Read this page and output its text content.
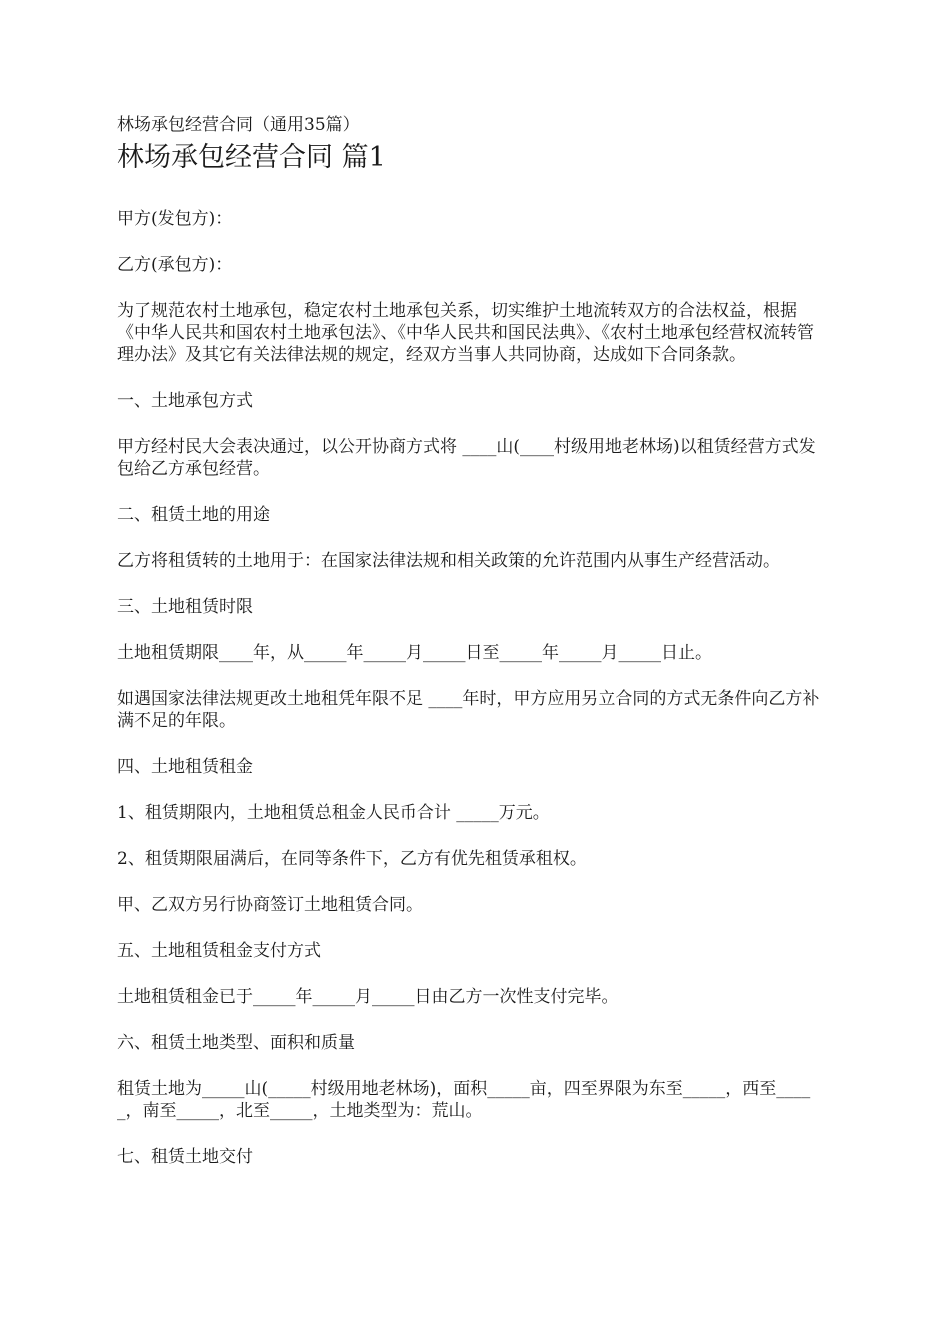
林场承包经营合同（通用35篇）

林场承包经营合同 篇1

甲方(发包方)：

乙方(承包方)：

为了规范农村土地承包，稳定农村土地承包关系，切实维护土地流转双方的合法权益，根据《中华人民共和国农村土地承包法》、《中华人民共和国民法典》、《农村土地承包经营权流转管理办法》及其它有关法律法规的规定，经双方当事人共同协商，达成如下合同条款。

一、土地承包方式

甲方经村民大会表决通过，以公开协商方式将 ____山(____村级用地老林场)以租赁经营方式发包给乙方承包经营。

二、租赁土地的用途

乙方将租赁转的土地用于：在国家法律法规和相关政策的允许范围内从事生产经营活动。

三、土地租赁时限

土地租赁期限____年，从_____年_____月_____日至_____年_____月_____日止。

如遇国家法律法规更改土地租凭年限不足 ____年时，甲方应用另立合同的方式无条件向乙方补满不足的年限。

四、土地租赁租金

1、租赁期限内，土地租赁总租金人民币合计 _____万元。

2、租赁期限届满后，在同等条件下，乙方有优先租赁承租权。

甲、乙双方另行协商签订土地租赁合同。

五、土地租赁租金支付方式

土地租赁租金已于_____年_____月_____日由乙方一次性支付完毕。

六、租赁土地类型、面积和质量

租赁土地为_____山(_____村级用地老林场)，面积_____亩，四至界限为东至_____，西至_____，南至_____，北至_____，土地类型为：荒山。

七、租赁土地交付
